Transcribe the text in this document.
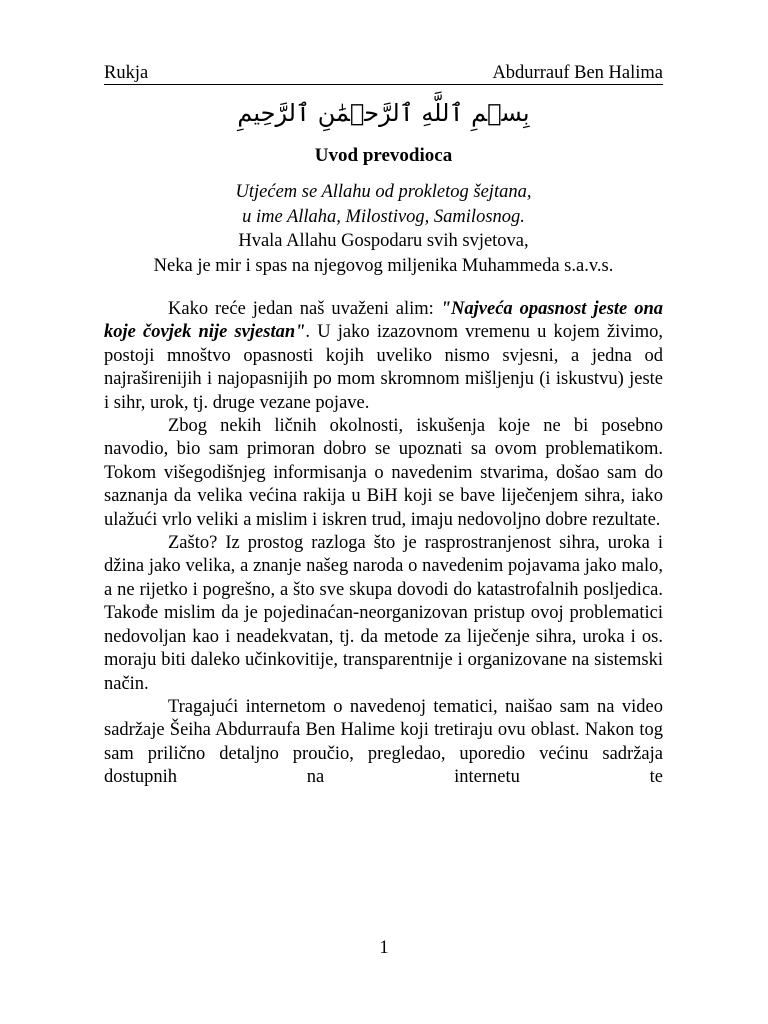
Rukja	Abdurrauf Ben Halima
بِسۡمِ ٱللَّهِ ٱلرَّحۡمَٰنِ ٱلرَّحِيمِ
Uvod prevodioca
Utjećem se Allahu od prokletog šejtana,
u ime Allaha, Milostivog, Samilosnog.
Hvala Allahu Gospodaru svih svjetova,
Neka je mir i spas na njegovog miljenika Muhammeda s.a.v.s.

Kako reće jedan naš uvaženi alim: "Najveća opasnost jeste ona koje čovjek nije svjestan". U jako izazovnom vremenu u kojem živimo, postoji mnoštvo opasnosti kojih uveliko nismo svjesni, a jedna od najraširenijih i najopasnijih po mom skromnom mišljenju (i iskustvu) jeste i sihr, urok, tj. druge vezane pojave.

Zbog nekih ličnih okolnosti, iskušenja koje ne bi posebno navodio, bio sam primoran dobro se upoznati sa ovom problematikom. Tokom višegodišnjeg informisanja o navedenim stvarima, došao sam do saznanja da velika većina rakija u BiH koji se bave liječenjem sihra, iako ulažući vrlo veliki a mislim i iskren trud, imaju nedovoljno dobre rezultate.

Zašto? Iz prostog razloga što je rasprostranjenost sihra, uroka i džina jako velika, a znanje našeg naroda o navedenim pojavama jako malo, a ne rijetko i pogrešno, a što sve skupa dovodi do katastrofalnih posljedica. Takođe mislim da je pojedinaćan-neorganizovan pristup ovoj problematici nedovoljan kao i neadekvatan, tj. da metode za liječenje sihra, uroka i os. moraju biti daleko učinkovitije, transparentnije i organizovane na sistemski način.

Tragajući internetom o navedenoj tematici, naišao sam na video sadržaje Šeiha Abdurraufa Ben Halime koji tretiraju ovu oblast. Nakon tog sam prilično detaljno proučio, pregledao, uporedio većinu sadržaja dostupnih na internetu te

1
